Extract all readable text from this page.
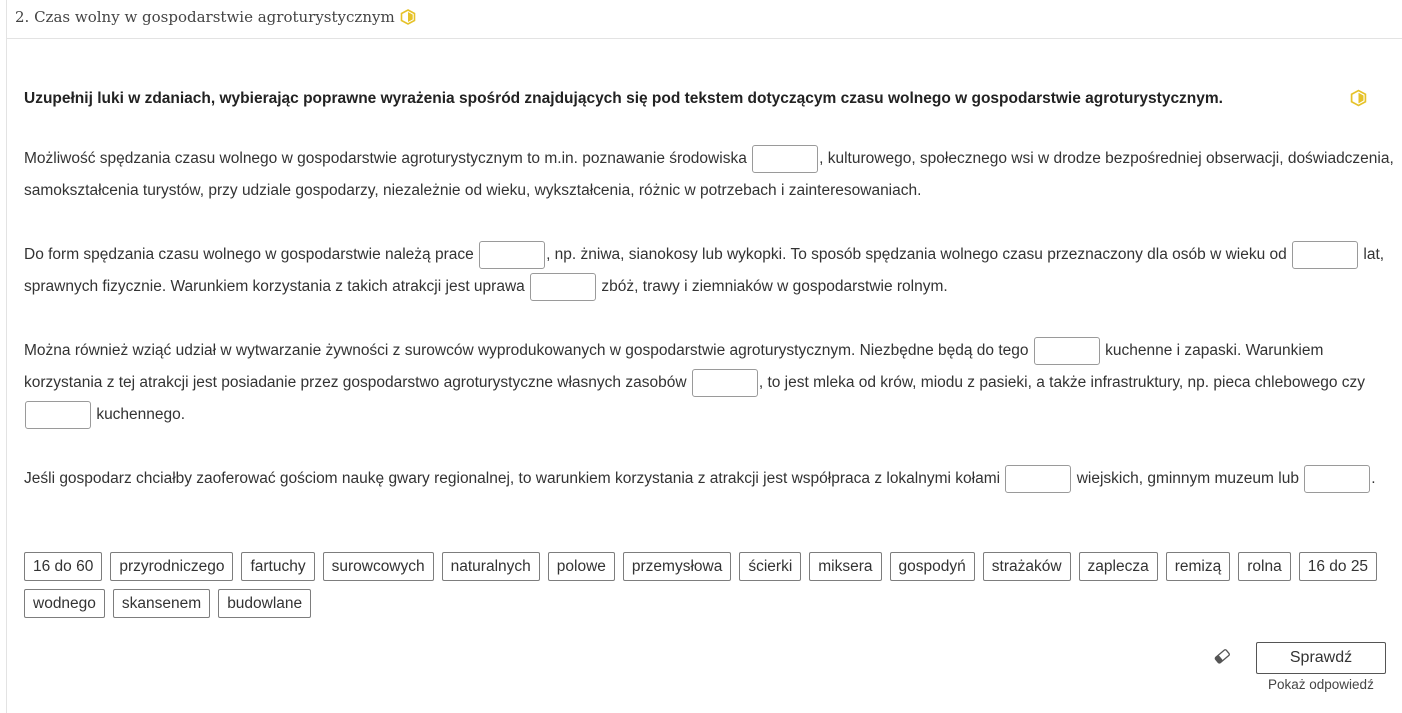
2. Czas wolny w gospodarstwie agroturystycznym
Uzupełnij luki w zdaniach, wybierając poprawne wyrażenia spośród znajdujących się pod tekstem dotyczącym czasu wolnego w gospodarstwie agroturystycznym.
Możliwość spędzania czasu wolnego w gospodarstwie agroturystycznym to m.in. poznawanie środowiska	, kulturowego, społecznego wsi w drodze bezpośredniej obserwacji, doświadczenia, samokształcenia turystów, przy udziale gospodarzy, niezależnie od wieku, wykształcenia, różnic w potrzebach i zainteresowaniach.
Do form spędzania czasu wolnego w gospodarstwie należą prace	, np. żniwa, sianokosy lub wykopki. To sposób spędzania wolnego czasu przeznaczony dla osób w wieku od	lat, sprawnych fizycznie. Warunkiem korzystania z takich atrakcji jest uprawa	zbóż, trawy i ziemniaków w gospodarstwie rolnym.
Można również wziąć udział w wytwarzanie żywności z surowców wyprodukowanych w gospodarstwie agroturystycznym. Niezbędne będą do tego	kuchenne i zapaski. Warunkiem korzystania z tej atrakcji jest posiadanie przez gospodarstwo agroturystyczne własnych zasobów	, to jest mleka od krów, miodu z pasieki, a także infrastruktury, np. pieca chlebowego czy  kuchennego.
Jeśli gospodarz chciałby zaoferować gościom naukę gwary regionalnej, to warunkiem korzystania z atrakcji jest współpraca z lokalnymi kołami	wiejskich, gminnym muzeum lub	.
16 do 60	przyrodniczego	fartuchy	surowcowych	naturalnych	polowe	przemysłowa	ścierki	miksera	gospodyń	strażaków	zaplecza	remizą	rolna	16 do 25
wodnego	skansenem	budowlane
Sprawdź
Pokaż odpowiedź
